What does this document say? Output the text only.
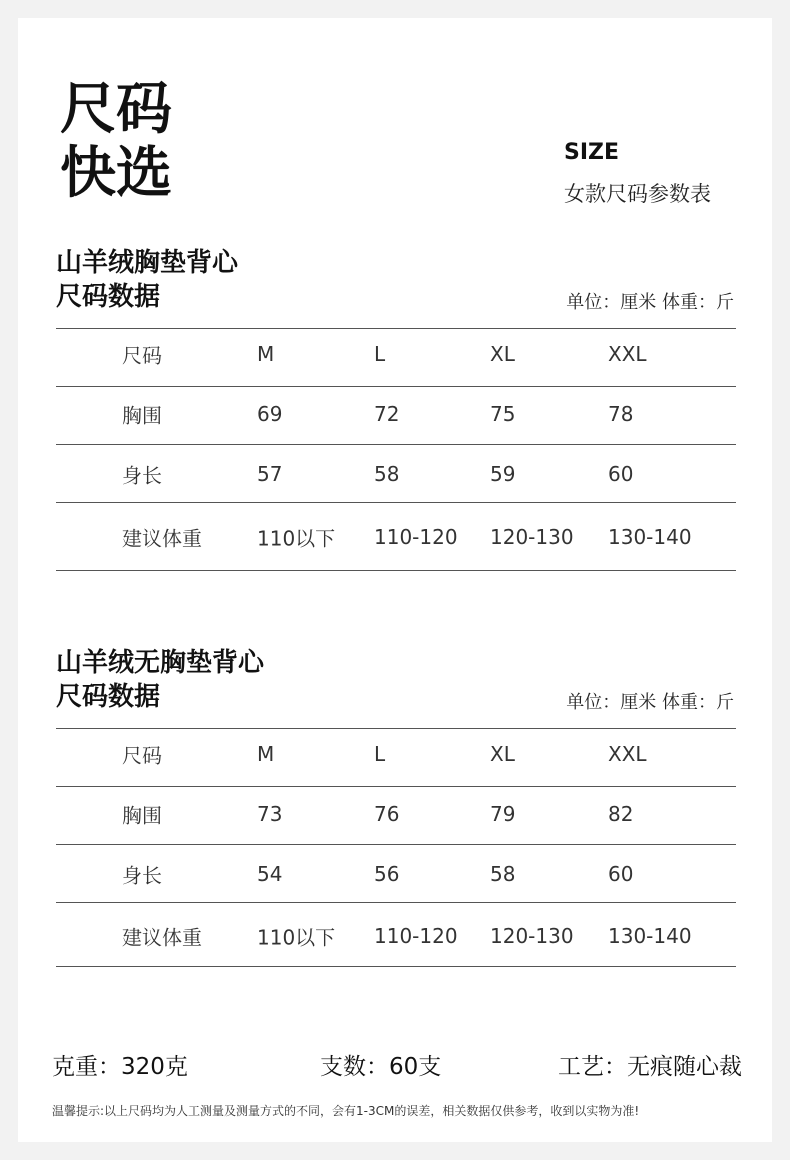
尺码
快选	SIZE
女款尺码参数表
山羊绒胸垫背心
尺码数据	单位：厘米 体重：斤
尺码	M	L	XL	XXL
胸围	69	72	75	78
身长	57	58	59	60
建议体重	110以下 110-120 120-130 130-140
山羊绒无胸垫背心
尺码数据	单位：厘米 体重：斤
尺码	M	L	XL	XXL
胸围	73	76	79	82
身长	54	56	58	60
建议体重	110以下 110-120 120-130 130-140
克重：320克	支数：60支	工艺：无痕随心裁
温馨提示:以上尺码均为人工测量及测量方式的不同，会有1-3CM的误差，相关数据仅供参考，收到以实物为准!
